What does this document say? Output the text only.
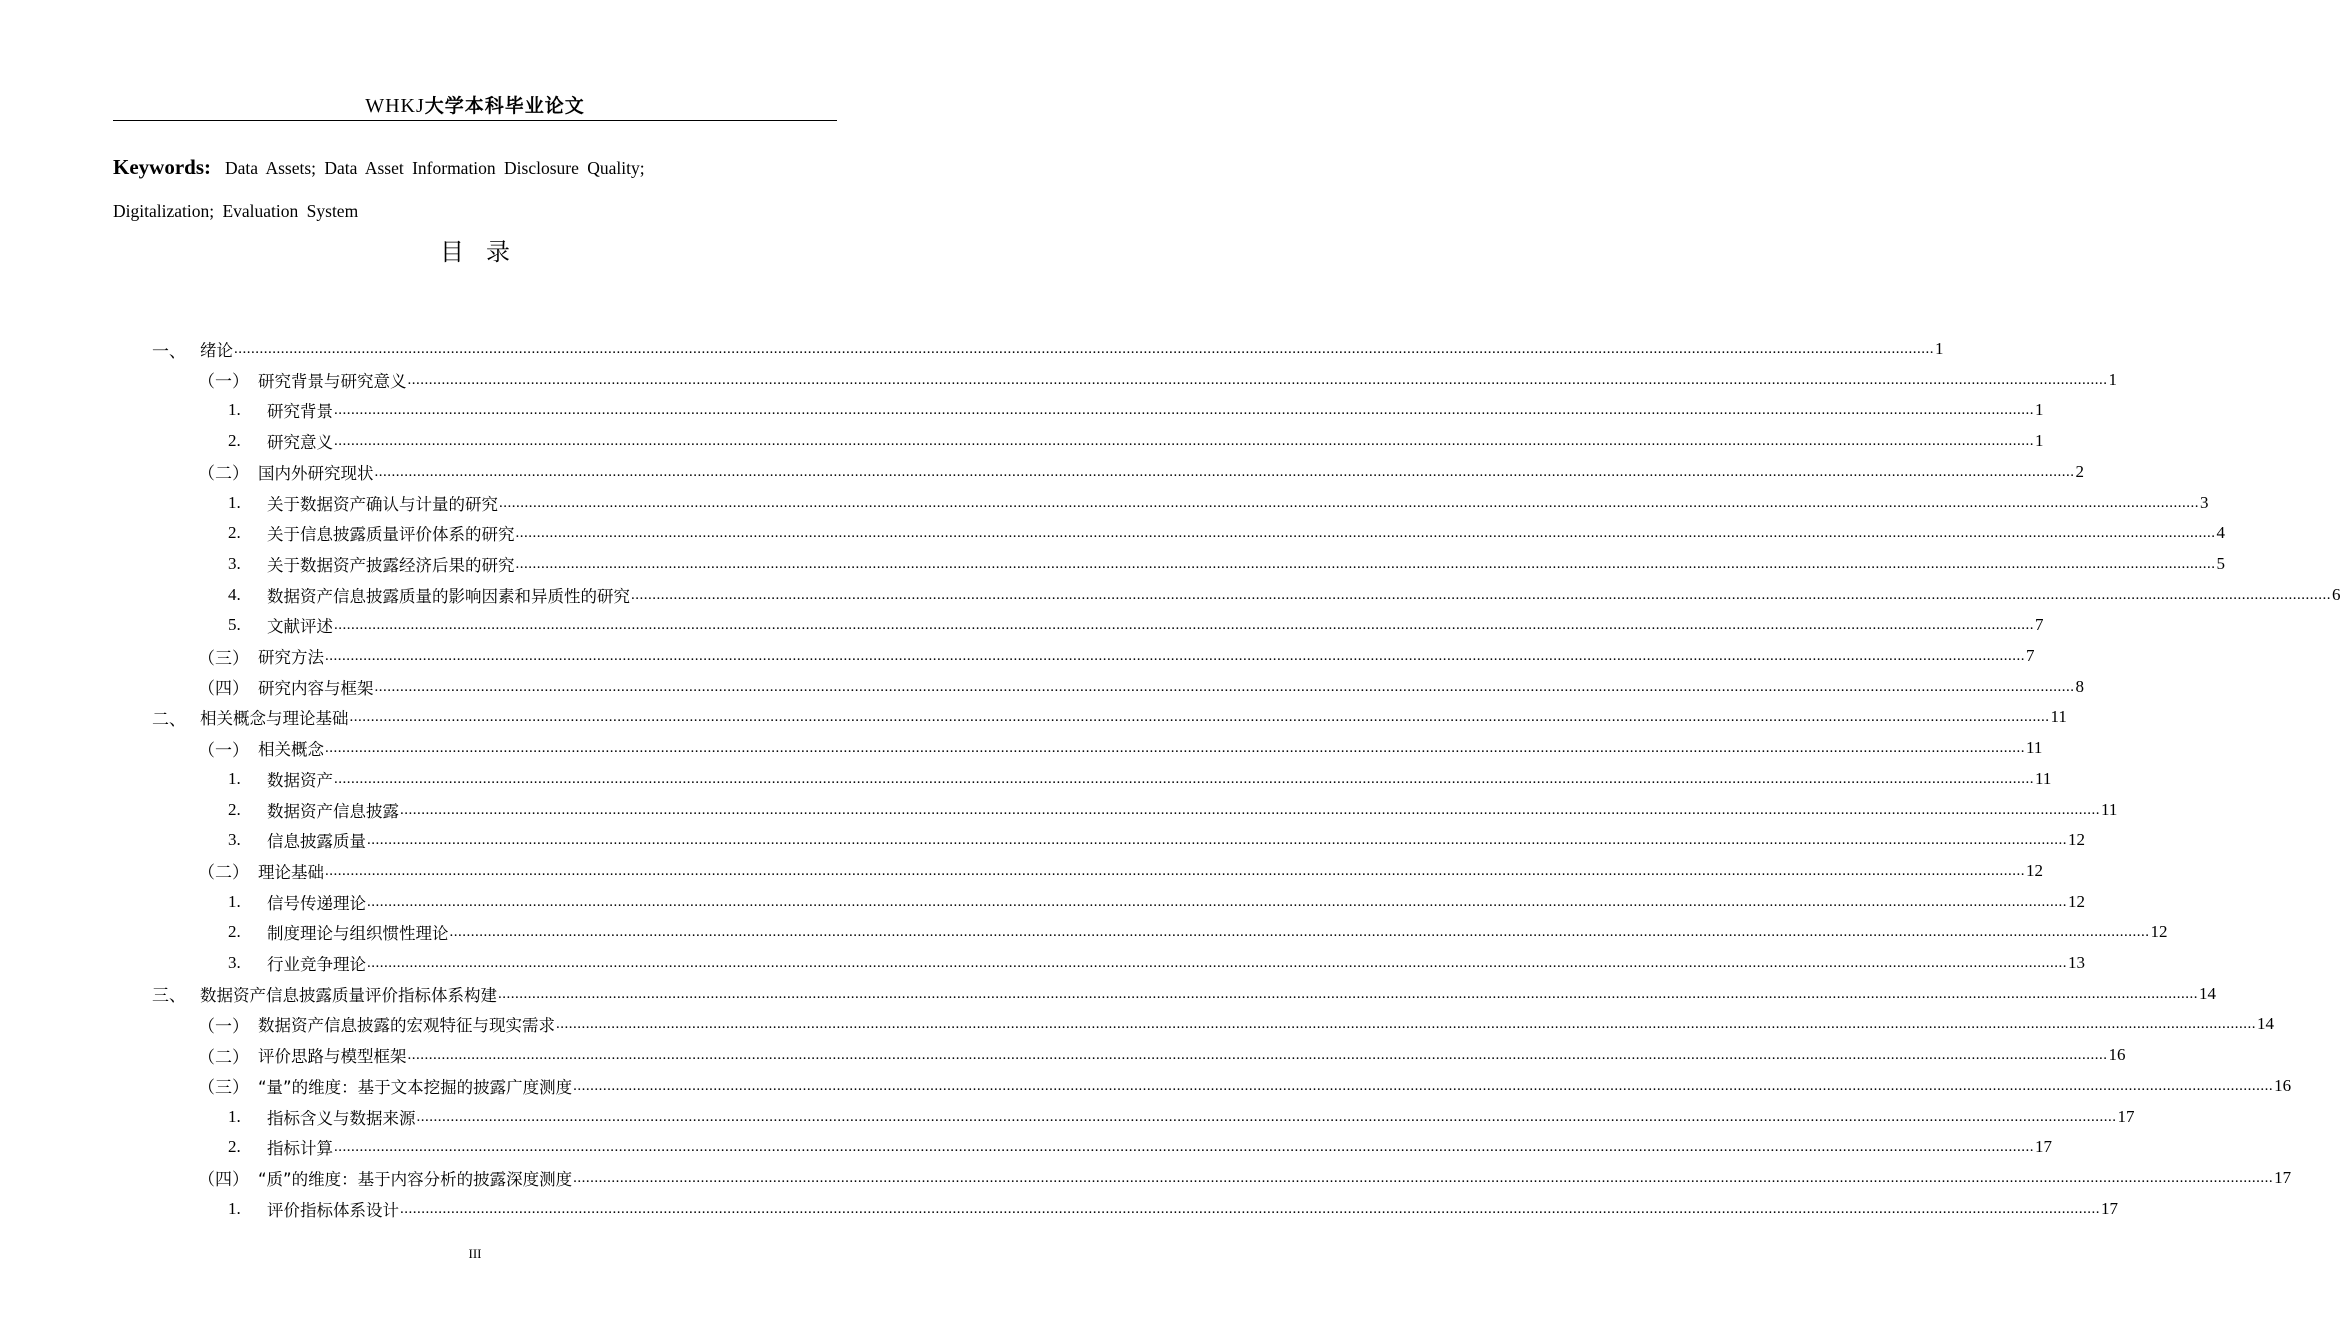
WHKJ大学本科毕业论文
Keywords: Data Assets; Data Asset Information Disclosure Quality;
Digitalization; Evaluation System
目录
一、 绪论 ................................................................................................................................................................................................................................................................................................................................................................................................................ 1
（一） 研究背景与研究意义 ................................................................................................................................................................................................................................................................................................................................................................................................................ 1
1.	研究背景 ................................................................................................................................................................................................................................................................................................................................................................................................................ 1
2.	研究意义 ................................................................................................................................................................................................................................................................................................................................................................................................................ 1
（二） 国内外研究现状 ................................................................................................................................................................................................................................................................................................................................................................................................................ 2
1.	关于数据资产确认与计量的研究 ................................................................................................................................................................................................................................................................................................................................................................................................................ 3
2.	关于信息披露质量评价体系的研究 ................................................................................................................................................................................................................................................................................................................................................................................................................ 4
3.	关于数据资产披露经济后果的研究 ................................................................................................................................................................................................................................................................................................................................................................................................................ 5
4.	数据资产信息披露质量的影响因素和异质性的研究 ................................................................................................................................................................................................................................................................................................................................................................................................................ 6
5.	文献评述 ................................................................................................................................................................................................................................................................................................................................................................................................................ 7
（三） 研究方法 ................................................................................................................................................................................................................................................................................................................................................................................................................ 7
（四） 研究内容与框架 ................................................................................................................................................................................................................................................................................................................................................................................................................ 8
二、 相关概念与理论基础 ................................................................................................................................................................................................................................................................................................................................................................................................................ 11
（一） 相关概念 ................................................................................................................................................................................................................................................................................................................................................................................................................ 11
1.	数据资产 ................................................................................................................................................................................................................................................................................................................................................................................................................ 11
2.	数据资产信息披露 ................................................................................................................................................................................................................................................................................................................................................................................................................ 11
3.	信息披露质量 ................................................................................................................................................................................................................................................................................................................................................................................................................ 12
（二） 理论基础 ................................................................................................................................................................................................................................................................................................................................................................................................................ 12
1.	信号传递理论 ................................................................................................................................................................................................................................................................................................................................................................................................................ 12
2.	制度理论与组织惯性理论 ................................................................................................................................................................................................................................................................................................................................................................................................................ 12
3.	行业竞争理论 ................................................................................................................................................................................................................................................................................................................................................................................................................ 13
三、 数据资产信息披露质量评价指标体系构建 ................................................................................................................................................................................................................................................................................................................................................................................................................ 14
（一） 数据资产信息披露的宏观特征与现实需求 ................................................................................................................................................................................................................................................................................................................................................................................................................ 14
（二） 评价思路与模型框架 ................................................................................................................................................................................................................................................................................................................................................................................................................ 16
（三） “量”的维度：基于文本挖掘的披露广度测度 ................................................................................................................................................................................................................................................................................................................................................................................................................ 16
1.	指标含义与数据来源 ................................................................................................................................................................................................................................................................................................................................................................................................................ 17
2.	指标计算 ................................................................................................................................................................................................................................................................................................................................................................................................................ 17
（四） “质”的维度：基于内容分析的披露深度测度 ................................................................................................................................................................................................................................................................................................................................................................................................................ 17
1.	评价指标体系设计 ................................................................................................................................................................................................................................................................................................................................................................................................................ 17
III
